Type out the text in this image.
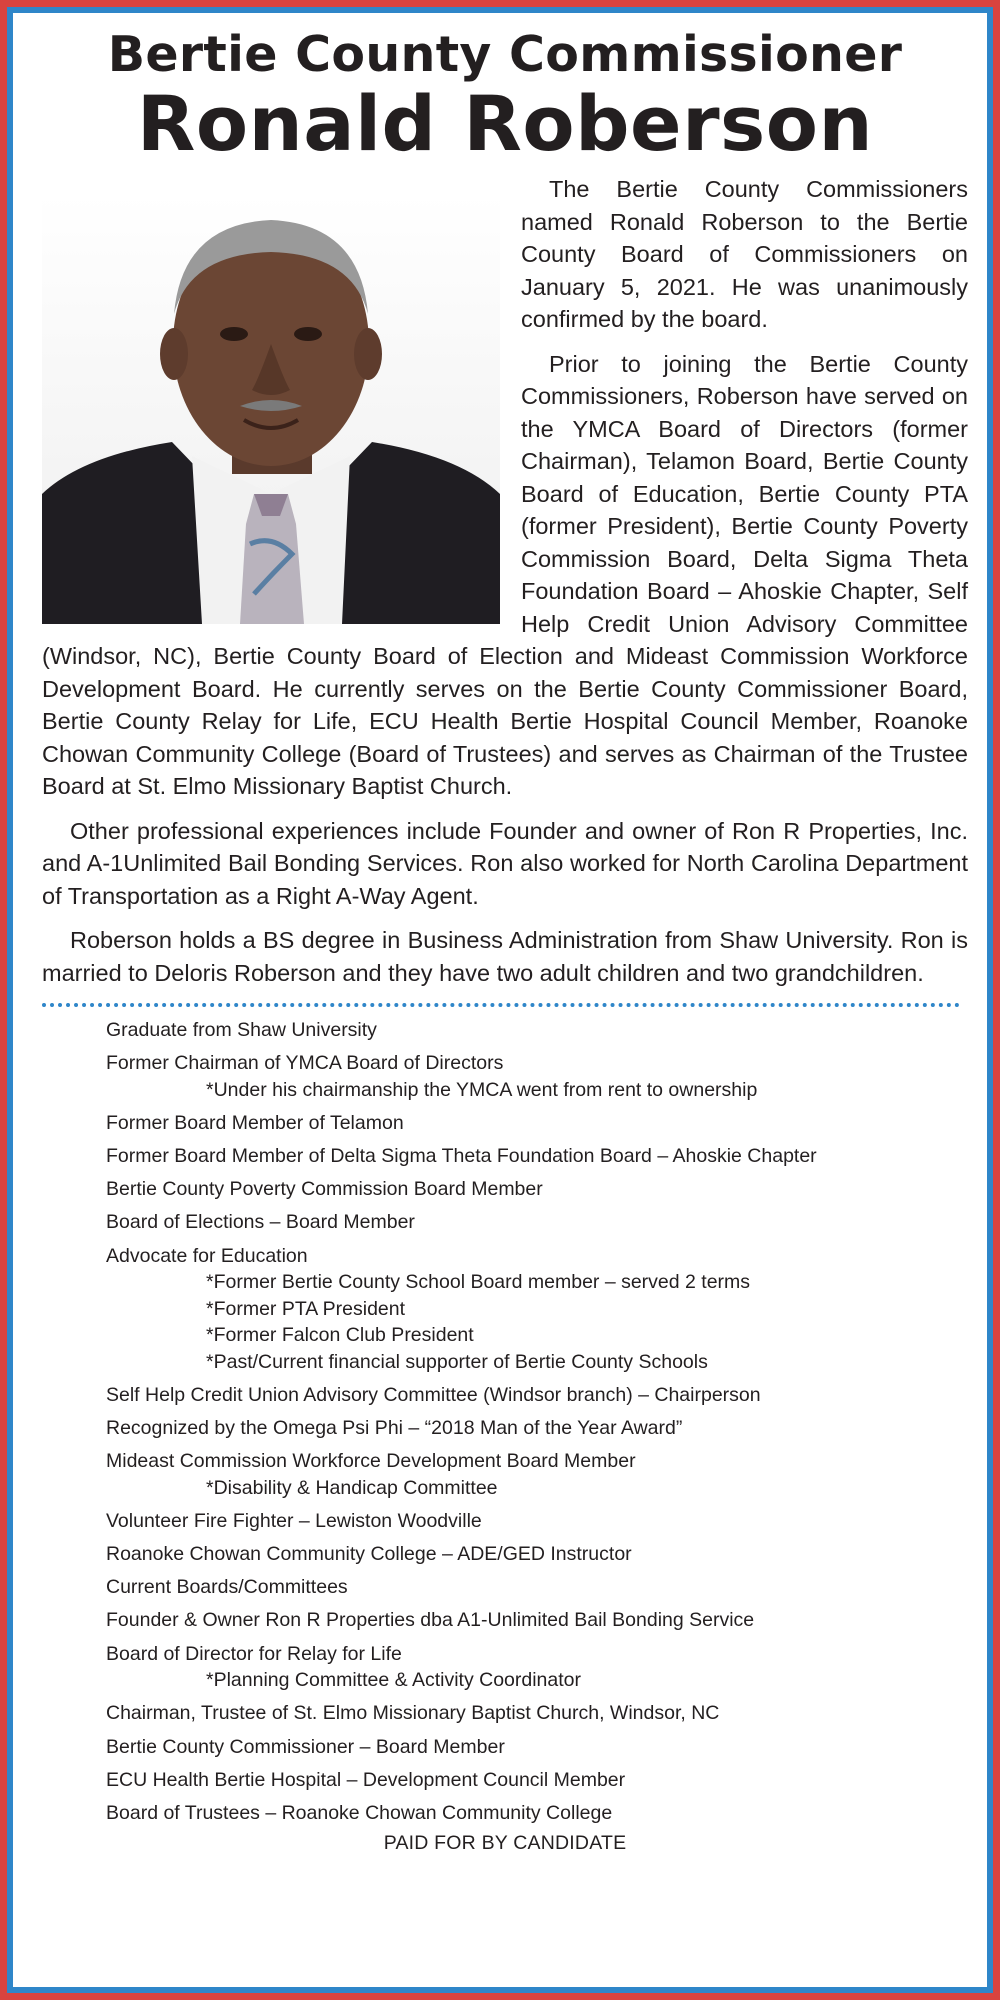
Bertie County Commissioner
Ronald Roberson

The Bertie County Commissioners named Ronald Roberson to the Bertie County Board of Commissioners on January 5, 2021. He was unanimously confirmed by the board.

Prior to joining the Bertie County Commissioners, Roberson have served on the YMCA Board of Directors (former Chairman), Telamon Board, Bertie County Board of Education, Bertie County PTA (former President), Bertie County Poverty Commission Board, Delta Sigma Theta Foundation Board – Ahoskie Chapter, Self Help Credit Union Advisory Committee (Windsor, NC), Bertie County Board of Election and Mideast Commission Workforce Development Board. He currently serves on the Bertie County Commissioner Board, Bertie County Relay for Life, ECU Health Bertie Hospital Council Member, Roanoke Chowan Community College (Board of Trustees) and serves as Chairman of the Trustee Board at St. Elmo Missionary Baptist Church.

Other professional experiences include Founder and owner of Ron R Properties, Inc. and A-1Unlimited Bail Bonding Services. Ron also worked for North Carolina Department of Transportation as a Right A-Way Agent.

Roberson holds a BS degree in Business Administration from Shaw University. Ron is married to Deloris Roberson and they have two adult children and two grandchildren.

Graduate from Shaw University
Former Chairman of YMCA Board of Directors
*Under his chairmanship the YMCA went from rent to ownership
Former Board Member of Telamon
Former Board Member of Delta Sigma Theta Foundation Board – Ahoskie Chapter
Bertie County Poverty Commission Board Member
Board of Elections – Board Member
Advocate for Education
*Former Bertie County School Board member – served 2 terms
*Former PTA President
*Former Falcon Club President
*Past/Current financial supporter of Bertie County Schools
Self Help Credit Union Advisory Committee (Windsor branch) – Chairperson
Recognized by the Omega Psi Phi – “2018 Man of the Year Award”
Mideast Commission Workforce Development Board Member
*Disability & Handicap Committee
Volunteer Fire Fighter – Lewiston Woodville
Roanoke Chowan Community College – ADE/GED Instructor
Current Boards/Committees
Founder & Owner Ron R Properties dba A1-Unlimited Bail Bonding Service
Board of Director for Relay for Life
*Planning Committee & Activity Coordinator
Chairman, Trustee of St. Elmo Missionary Baptist Church, Windsor, NC
Bertie County Commissioner – Board Member
ECU Health Bertie Hospital – Development Council Member
Board of Trustees – Roanoke Chowan Community College
PAID FOR BY CANDIDATE
